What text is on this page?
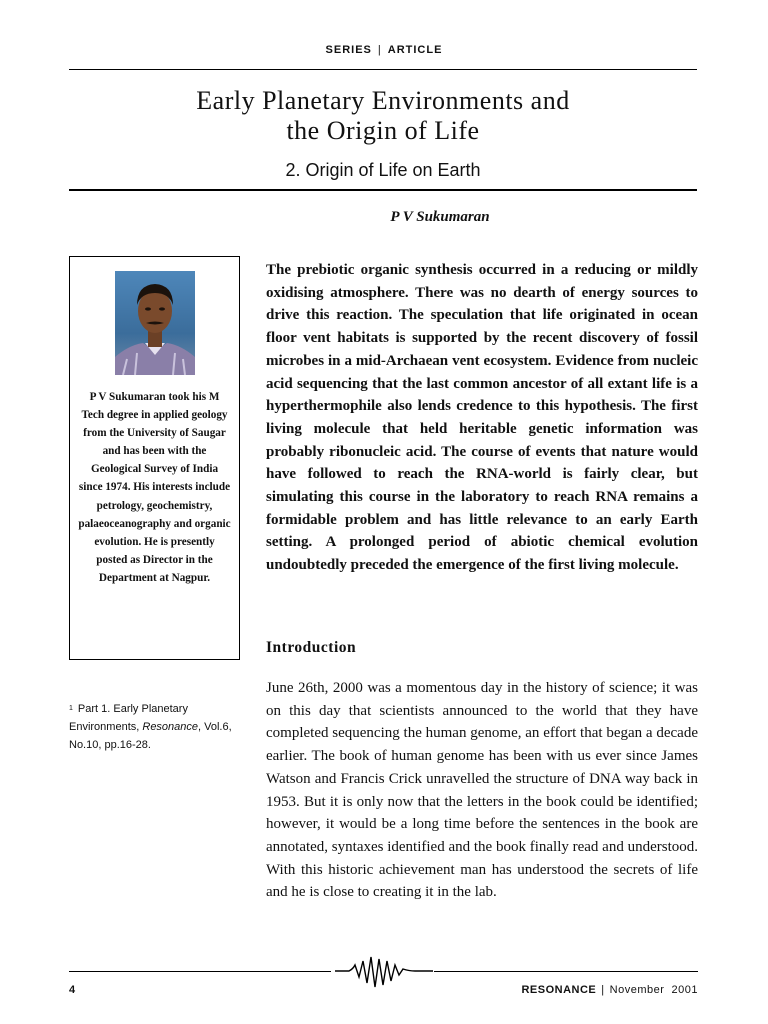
SERIES | ARTICLE
Early Planetary Environments and
the Origin of Life
2. Origin of Life on Earth
P V Sukumaran
P V Sukumaran took his M Tech degree in applied geology from the University of Saugar and has been with the Geological Survey of India since 1974. His interests include petrology, geochemistry, palaeoceanography and organic evolution. He is presently posted as Director in the Department at Nagpur.
$^1$ Part 1. Early Planetary Environments, Resonance, Vol.6, No.10, pp.16-28.
The prebiotic organic synthesis occurred in a reducing or mildly oxidising atmosphere. There was no dearth of energy sources to drive this reaction. The speculation that life originated in ocean floor vent habitats is supported by the recent discovery of fossil microbes in a mid-Archaean vent ecosystem. Evidence from nucleic acid sequencing that the last common ancestor of all extant life is a hyperthermophile also lends credence to this hypothesis. The first living molecule that held heritable genetic information was probably ribonucleic acid. The course of events that nature would have followed to reach the RNA-world is fairly clear, but simulating this course in the laboratory to reach RNA remains a formidable problem and has little relevance to an early Earth setting. A prolonged period of abiotic chemical evolution undoubtedly preceded the emergence of the first living molecule.
Introduction
June 26th, 2000 was a momentous day in the history of science; it was on this day that scientists announced to the world that they have completed sequencing the human genome, an effort that began a decade earlier. The book of human genome has been with us ever since James Watson and Francis Crick unravelled the structure of DNA way back in 1953. But it is only now that the letters in the book could be identified; however, it would be a long time before the sentences in the book are annotated, syntaxes identified and the book finally read and understood. With this historic achievement man has understood the secrets of life and he is close to creating it in the lab.
4	RESONANCE | November 2001
